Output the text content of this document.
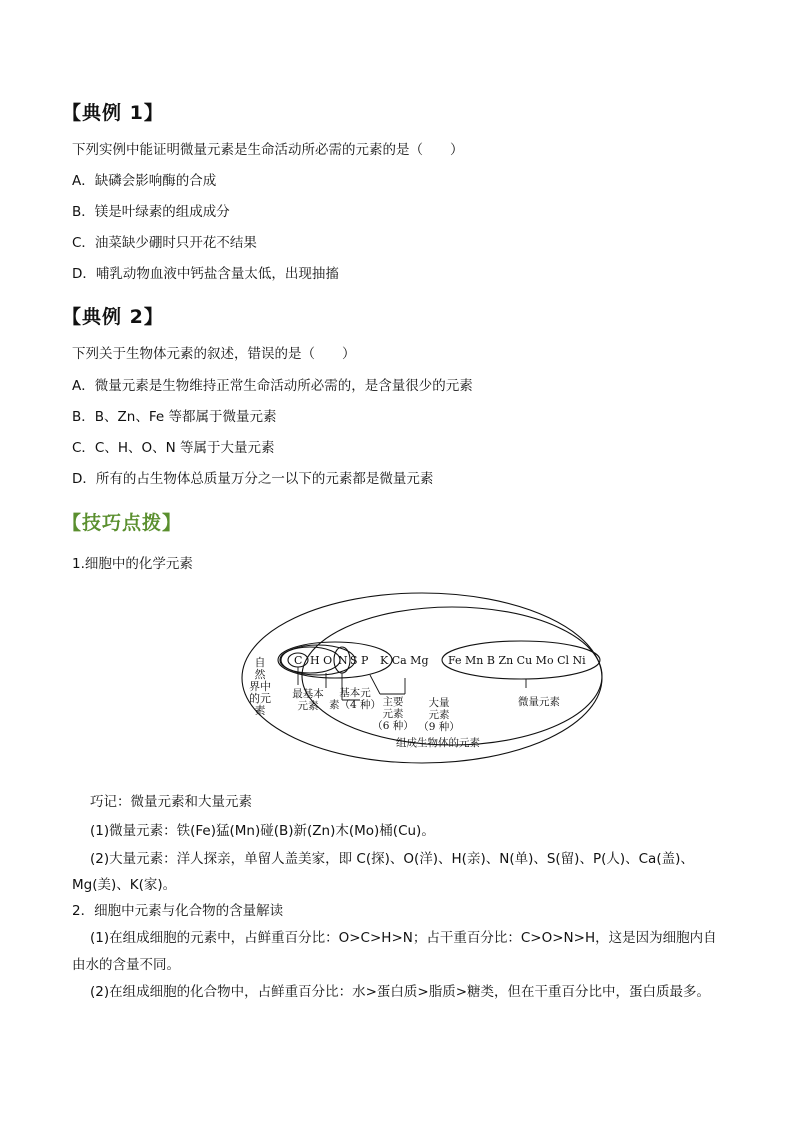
【典例 1】
下列实例中能证明微量元素是生命活动所必需的元素的是（　　）
A．缺磷会影响酶的合成
B．镁是叶绿素的组成成分
C．油菜缺少硼时只开花不结果
D．哺乳动物血液中钙盐含量太低，出现抽搐
【典例 2】
下列关于生物体元素的叙述，错误的是（　　）
A．微量元素是生物维持正常生命活动所必需的，是含量很少的元素
B．B、Zn、Fe 等都属于微量元素
C．C、H、O、N 等属于大量元素
D．所有的占生物体总质量万分之一以下的元素都是微量元素
【技巧点拨】
1.细胞中的化学元素
C H O N S P K Ca Mg Fe Mn B Zn Cu Mo Cl Ni
自
然
界中
的元
素
最基本
元素
基本元
素（4 种） 主要
元素
（6 种）
大量
元素
（9 种）
微量元素
组成生物体的元素
巧记：微量元素和大量元素
(1)微量元素：铁(Fe)猛(Mn)碰(B)新(Zn)木(Mo)桶(Cu)。
(2)大量元素：洋人探亲，单留人盖美家，即 C(探)、O(洋)、H(亲)、N(单)、S(留)、P(人)、Ca(盖)、
Mg(美)、K(家)。
2．细胞中元素与化合物的含量解读
(1)在组成细胞的元素中，占鲜重百分比：O>C>H>N；占干重百分比：C>O>N>H，这是因为细胞内自
由水的含量不同。
(2)在组成细胞的化合物中，占鲜重百分比：水>蛋白质>脂质>糖类，但在干重百分比中，蛋白质最多。
